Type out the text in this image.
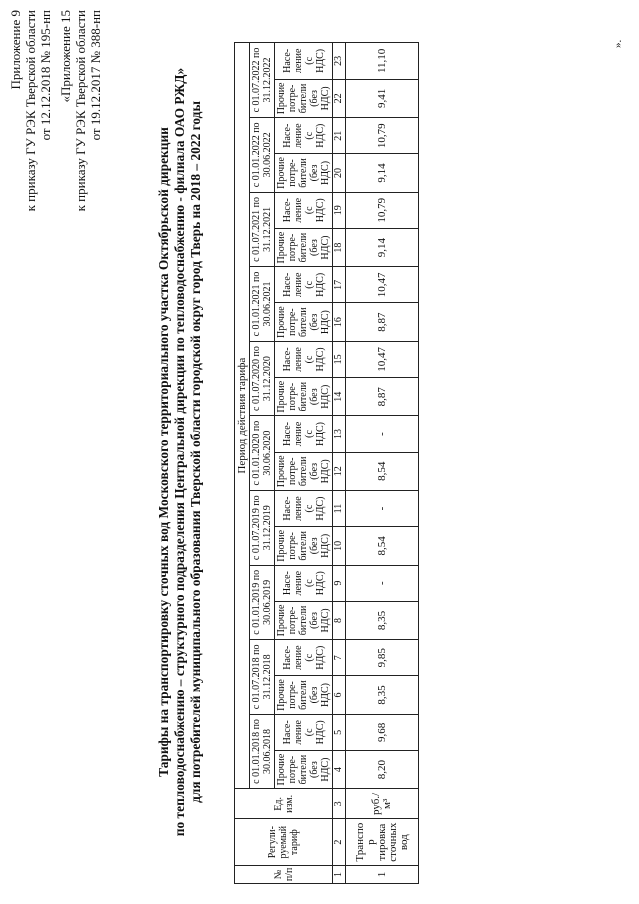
Приложение 9 к приказу ГУ РЭК Тверской области от 12.12.2018 № 195-нп «Приложение 15 к приказу ГУ РЭК Тверской области от 19.12.2017 № 388-нп
Тарифы на транспортировку сточных вод Московского территориального участка Октябрьской дирекции по тепловодоснабжению – структурного подразделения Центральной дирекции по тепловодоснабжению - филиала ОАО РЖД» для потребителей муниципального образования Тверской области городской округ город Тверь на 2018 – 2022 годы
№ п/п	Регули-руемый тариф	Ед. изм.	Период действия тарифа																			
			с 01.01.2018 по 30.06.2018		с 01.07.2018 по 31.12.2018		с 01.01.2019 по 30.06.2019		с 01.07.2019 по 31.12.2019		с 01.01.2020 по 30.06.2020		с 01.07.2020 по 31.12.2020		с 01.01.2021 по 30.06.2021		с 01.07.2021 по 31.12.2021		с 01.01.2022 по 30.06.2022		с 01.07.2022 по 31.12.2022	
			Прочие потре-бители (без НДС)	Насе-ление (с НДС)	Прочие потре-бители (без НДС)	Насе-ление (с НДС)	Прочие потре-бители (без НДС)	Насе-ление (с НДС)	Прочие потре-бители (без НДС)	Насе-ление (с НДС)	Прочие потре-бители (без НДС)	Насе-ление (с НДС)	Прочие потре-бители (без НДС)	Насе-ление (с НДС)	Прочие потре-бители (без НДС)	Насе-ление (с НДС)	Прочие потре-бители (без НДС)	Насе-ление (с НДС)	Прочие потре-бители (без НДС)	Насе-ление (с НДС)	Прочие потре-бители (без НДС)	Насе-ление (с НДС)
1	2	3	4	5	6	7	8	9	10	11	12	13	14	15	16	17	18	19	20	21	22	23
1	Транспор тировка сточных вод	руб./ м³	8,20	9,68	8,35	9,85	8,35	-	8,54	-	8,54	-	8,87	10,47	8,87	10,47	9,14	10,79	9,14	10,79	9,41	11,10
».
